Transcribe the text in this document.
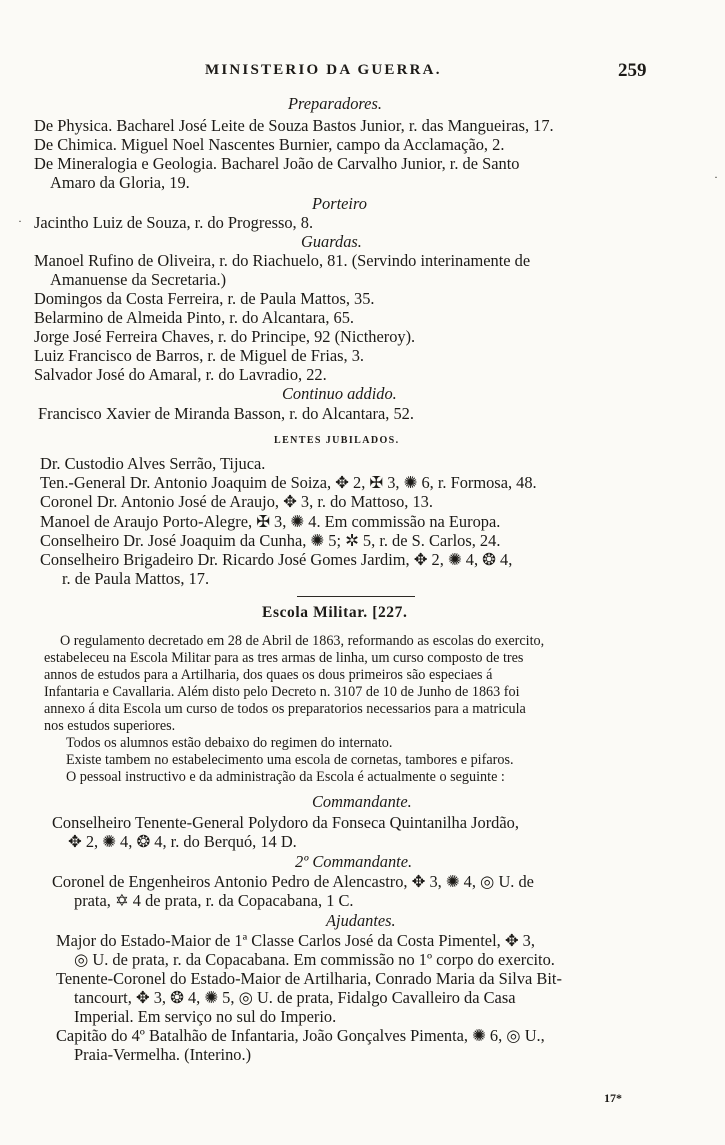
MINISTERIO DA GUERRA.	259
Preparadores.
De Physica. Bacharel José Leite de Souza Bastos Junior, r. das Mangueiras, 17.
De Chimica. Miguel Noel Nascentes Burnier, campo da Acclamação, 2.
De Mineralogia e Geologia. Bacharel João de Carvalho Junior, r. de Santo
Amaro da Gloria, 19.
Porteiro
Jacintho Luiz de Souza, r. do Progresso, 8.
Guardas.
Manoel Rufino de Oliveira, r. do Riachuelo, 81. (Servindo interinamente de
Amanuense da Secretaria.)
Domingos da Costa Ferreira, r. de Paula Mattos, 35.
Belarmino de Almeida Pinto, r. do Alcantara, 65.
Jorge José Ferreira Chaves, r. do Principe, 92 (Nictheroy).
Luiz Francisco de Barros, r. de Miguel de Frias, 3.
Salvador José do Amaral, r. do Lavradio, 22.
Continuo addido.
Francisco Xavier de Miranda Basson, r. do Alcantara, 52.
LENTES JUBILADOS.
Dr. Custodio Alves Serrão, Tijuca.
Ten.-General Dr. Antonio Joaquim de Soiza, ✥ 2, ✠ 3, ✺ 6, r. Formosa, 48.
Coronel Dr. Antonio José de Araujo, ✥ 3, r. do Mattoso, 13.
Manoel de Araujo Porto-Alegre, ✠ 3, ✺ 4. Em commissão na Europa.
Conselheiro Dr. José Joaquim da Cunha, ✺ 5; ✲ 5, r. de S. Carlos, 24.
Conselheiro Brigadeiro Dr. Ricardo José Gomes Jardim, ✥ 2, ✺ 4, ❂ 4,
r. de Paula Mattos, 17.
Escola Militar. [227.
O regulamento decretado em 28 de Abril de 1863, reformando as escolas do exercito,
estabeleceu na Escola Militar para as tres armas de linha, um curso composto de tres
annos de estudos para a Artilharia, dos quaes os dous primeiros são especiaes á
Infantaria e Cavallaria. Além disto pelo Decreto n. 3107 de 10 de Junho de 1863 foi
annexo á dita Escola um curso de todos os preparatorios necessarios para a matricula
nos estudos superiores.
Todos os alumnos estão debaixo do regimen do internato.
Existe tambem no estabelecimento uma escola de cornetas, tambores e pifaros.
O pessoal instructivo e da administração da Escola é actualmente o seguinte :
Commandante.
Conselheiro Tenente-General Polydoro da Fonseca Quintanilha Jordão,
✥ 2, ✺ 4, ❂ 4, r. do Berquó, 14 D.
2º Commandante.
Coronel de Engenheiros Antonio Pedro de Alencastro, ✥ 3, ✺ 4, ◎ U. de
prata, ✡ 4 de prata, r. da Copacabana, 1 C.
Ajudantes.
Major do Estado-Maior de 1ª Classe Carlos José da Costa Pimentel, ✥ 3,
◎ U. de prata, r. da Copacabana. Em commissão no 1º corpo do exercito.
Tenente-Coronel do Estado-Maior de Artilharia, Conrado Maria da Silva Bit-
tancourt, ✥ 3, ❂ 4, ✺ 5, ◎ U. de prata, Fidalgo Cavalleiro da Casa
Imperial. Em serviço no sul do Imperio.
Capitão do 4º Batalhão de Infantaria, João Gonçalves Pimenta, ✺ 6, ◎ U.,
Praia-Vermelha. (Interino.)
17*
·
·
